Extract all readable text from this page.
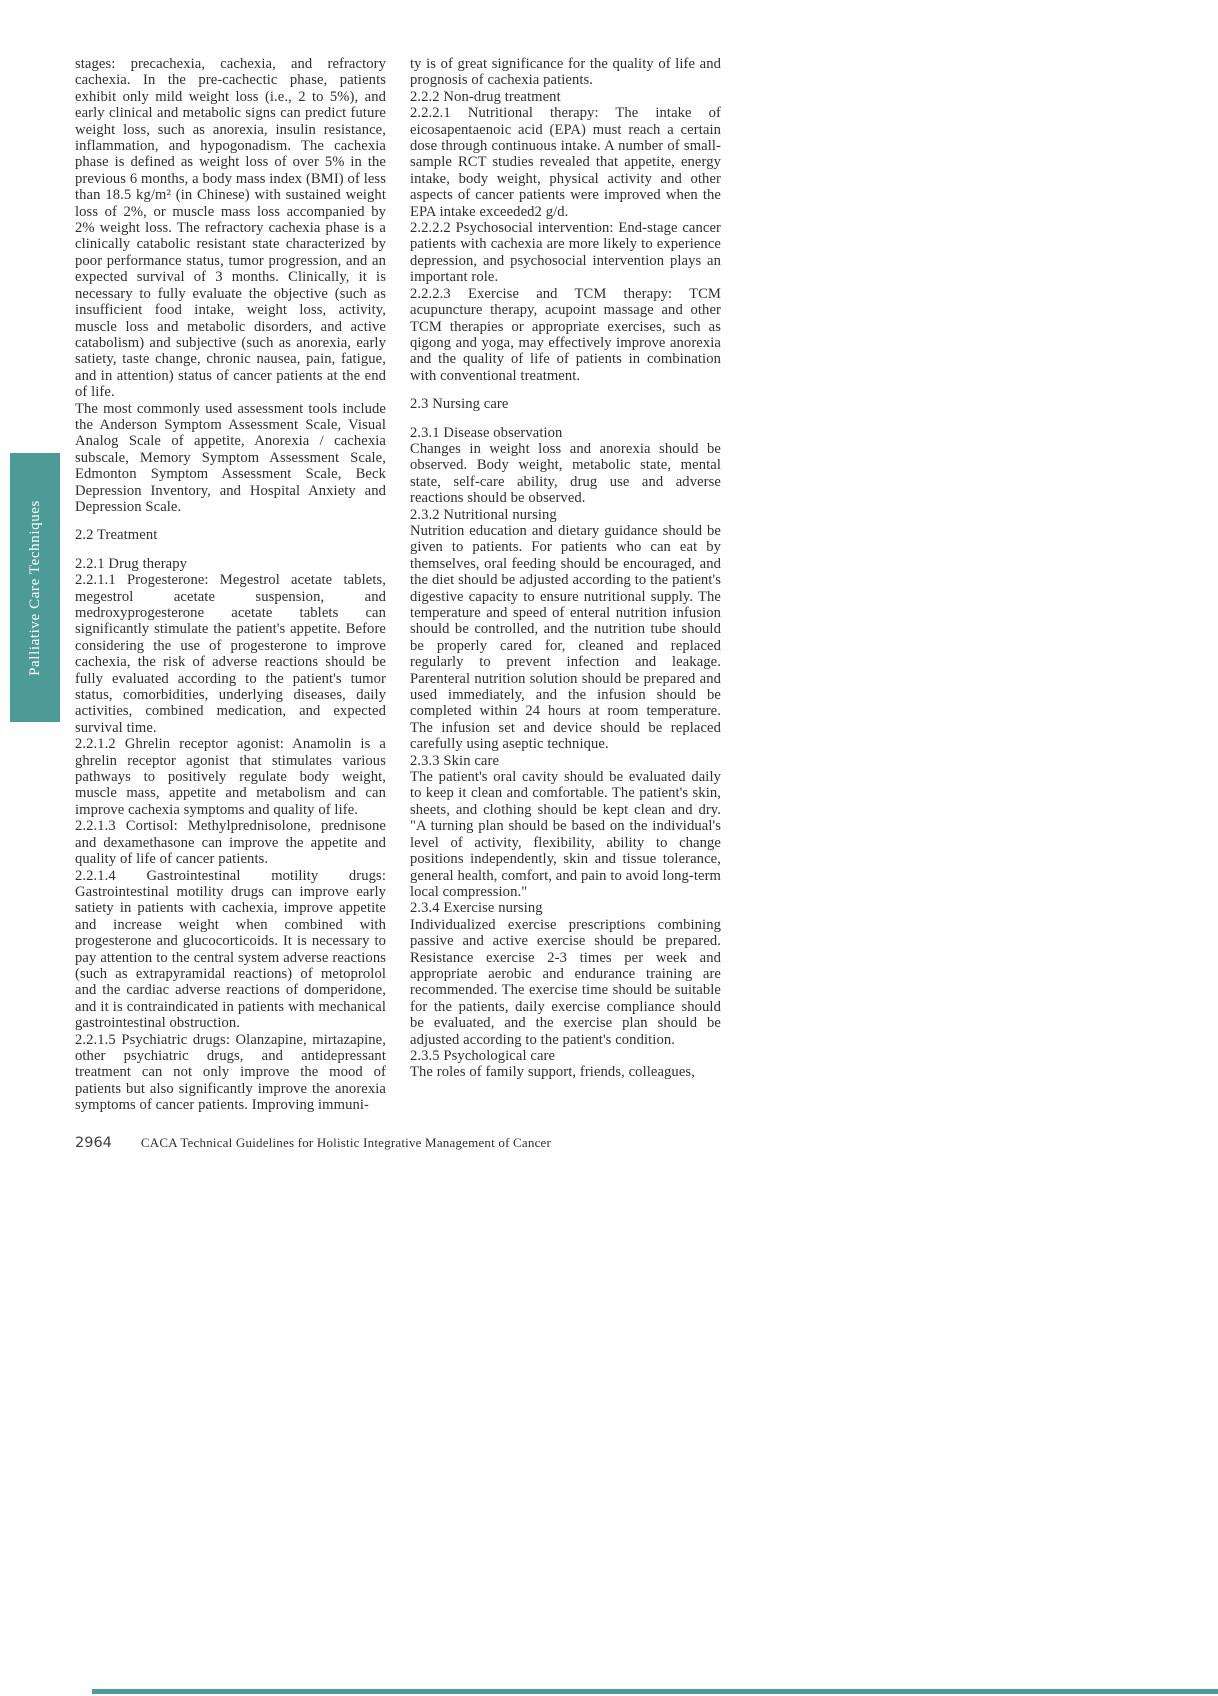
Palliative Care Techniques

stages: precachexia, cachexia, and refractory cachexia. In the pre-cachectic phase, patients exhibit only mild weight loss (i.e., 2 to 5%), and early clinical and metabolic signs can predict future weight loss, such as anorexia, insulin resistance, inflammation, and hypogonadism. The cachexia phase is defined as weight loss of over 5% in the previous 6 months, a body mass index (BMI) of less than 18.5 kg/m² (in Chinese) with sustained weight loss of 2%, or muscle mass loss accompanied by 2% weight loss. The refractory cachexia phase is a clinically catabolic resistant state characterized by poor performance status, tumor progression, and an expected survival of 3 months. Clinically, it is necessary to fully evaluate the objective (such as insufficient food intake, weight loss, activity, muscle loss and metabolic disorders, and active catabolism) and subjective (such as anorexia, early satiety, taste change, chronic nausea, pain, fatigue, and in attention) status of cancer patients at the end of life.

The most commonly used assessment tools include the Anderson Symptom Assessment Scale, Visual Analog Scale of appetite, Anorexia / cachexia subscale, Memory Symptom Assessment Scale, Edmonton Symptom Assessment Scale, Beck Depression Inventory, and Hospital Anxiety and Depression Scale.

2.2 Treatment

2.2.1 Drug therapy

2.2.1.1 Progesterone: Megestrol acetate tablets, megestrol acetate suspension, and medroxyprogesterone acetate tablets can significantly stimulate the patient's appetite. Before considering the use of progesterone to improve cachexia, the risk of adverse reactions should be fully evaluated according to the patient's tumor status, comorbidities, underlying diseases, daily activities, combined medication, and expected survival time.

2.2.1.2 Ghrelin receptor agonist: Anamolin is a ghrelin receptor agonist that stimulates various pathways to positively regulate body weight, muscle mass, appetite and metabolism and can improve cachexia symptoms and quality of life.

2.2.1.3 Cortisol: Methylprednisolone, prednisone and dexamethasone can improve the appetite and quality of life of cancer patients.

2.2.1.4 Gastrointestinal motility drugs: Gastrointestinal motility drugs can improve early satiety in patients with cachexia, improve appetite and increase weight when combined with progesterone and glucocorticoids. It is necessary to pay attention to the central system adverse reactions (such as extrapyramidal reactions) of metoprolol and the cardiac adverse reactions of domperidone, and it is contraindicated in patients with mechanical gastrointestinal obstruction.

2.2.1.5 Psychiatric drugs: Olanzapine, mirtazapine, other psychiatric drugs, and antidepressant treatment can not only improve the mood of patients but also significantly improve the anorexia symptoms of cancer patients. Improving immuni-

ty is of great significance for the quality of life and prognosis of cachexia patients.

2.2.2 Non-drug treatment

2.2.2.1 Nutritional therapy: The intake of eicosapentaenoic acid (EPA) must reach a certain dose through continuous intake. A number of small-sample RCT studies revealed that appetite, energy intake, body weight, physical activity and other aspects of cancer patients were improved when the EPA intake exceeded2 g/d.

2.2.2.2 Psychosocial intervention: End-stage cancer patients with cachexia are more likely to experience depression, and psychosocial intervention plays an important role.

2.2.2.3 Exercise and TCM therapy: TCM acupuncture therapy, acupoint massage and other TCM therapies or appropriate exercises, such as qigong and yoga, may effectively improve anorexia and the quality of life of patients in combination with conventional treatment.

2.3 Nursing care

2.3.1 Disease observation

Changes in weight loss and anorexia should be observed. Body weight, metabolic state, mental state, self-care ability, drug use and adverse reactions should be observed.

2.3.2 Nutritional nursing

Nutrition education and dietary guidance should be given to patients. For patients who can eat by themselves, oral feeding should be encouraged, and the diet should be adjusted according to the patient's digestive capacity to ensure nutritional supply. The temperature and speed of enteral nutrition infusion should be controlled, and the nutrition tube should be properly cared for, cleaned and replaced regularly to prevent infection and leakage. Parenteral nutrition solution should be prepared and used immediately, and the infusion should be completed within 24 hours at room temperature. The infusion set and device should be replaced carefully using aseptic technique.

2.3.3 Skin care

The patient's oral cavity should be evaluated daily to keep it clean and comfortable. The patient's skin, sheets, and clothing should be kept clean and dry. "A turning plan should be based on the individual's level of activity, flexibility, ability to change positions independently, skin and tissue tolerance, general health, comfort, and pain to avoid long-term local compression."

2.3.4 Exercise nursing

Individualized exercise prescriptions combining passive and active exercise should be prepared. Resistance exercise 2-3 times per week and appropriate aerobic and endurance training are recommended. The exercise time should be suitable for the patients, daily exercise compliance should be evaluated, and the exercise plan should be adjusted according to the patient's condition.

2.3.5 Psychological care

The roles of family support, friends, colleagues,

2964 CACA Technical Guidelines for Holistic Integrative Management of Cancer
